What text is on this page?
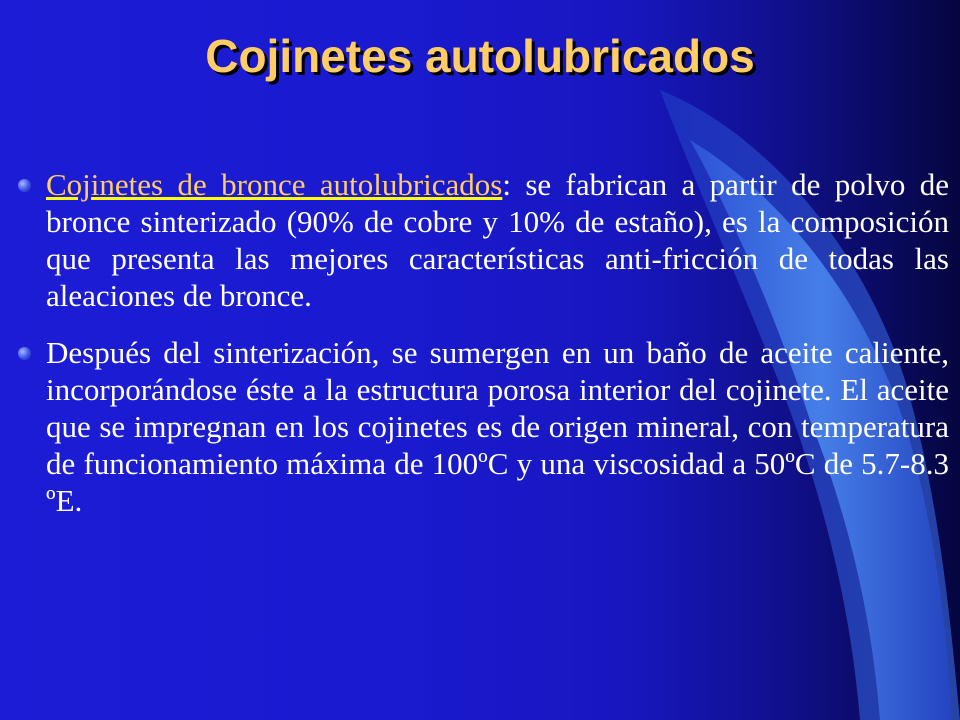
Cojinetes autolubricados
Cojinetes de bronce autolubricados: se fabrican a partir de polvo de bronce sinterizado (90% de cobre y 10% de estaño), es la composición que presenta las mejores características anti-fricción de todas las aleaciones de bronce.
Después del sinterización, se sumergen en un baño de aceite caliente, incorporándose éste a la estructura porosa interior del cojinete. El aceite que se impregnan en los cojinetes es de origen mineral, con temperatura de funcionamiento máxima de 100ºC y una viscosidad a 50ºC de 5.7-8.3 ºE.
